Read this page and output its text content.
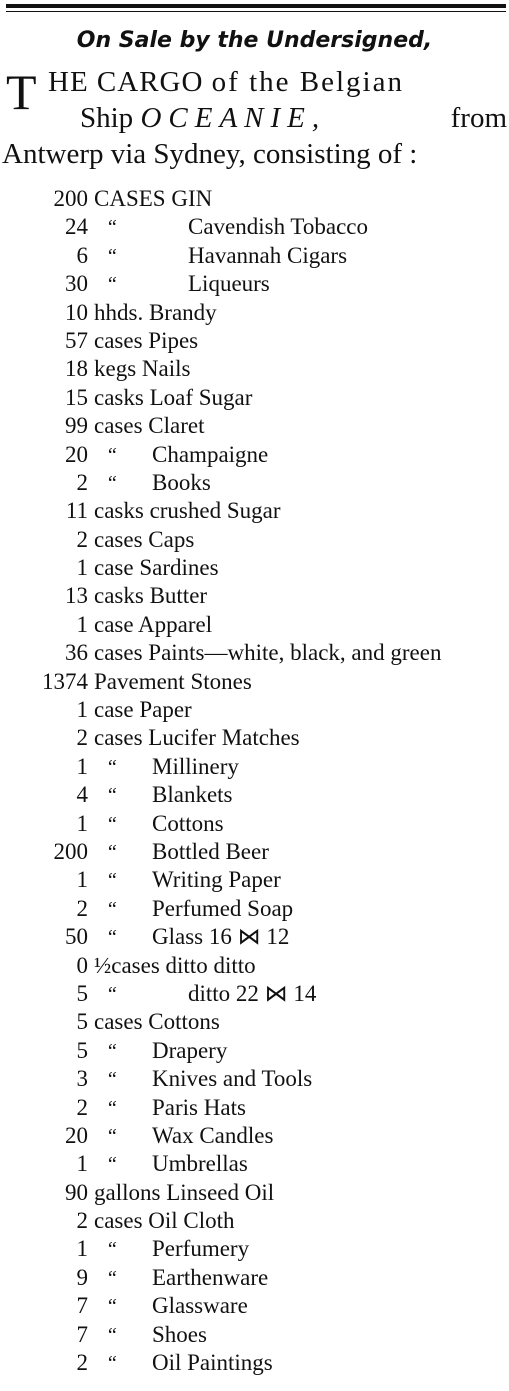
On Sale by the Undersigned,
T HE CARGO of the Belgian
Ship OCEANIE,	from
Antwerp via Sydney, consisting of :
200 CASES GIN
24 “	Cavendish Tobacco
6 “	Havannah Cigars
30 “	Liqueurs
10 hhds. Brandy
57 cases Pipes
18 kegs Nails
15 casks Loaf Sugar
99 cases Claret
20 “ Champaigne
2 “ Books
11 casks crushed Sugar
2 cases Caps
1 case Sardines
13 casks Butter
1 case Apparel
36 cases Paints—white, black, and green
1374 Pavement Stones
1 case Paper
2 cases Lucifer Matches
1 “ Millinery
4 “ Blankets
1 “ Cottons
200 “ Bottled Beer
1 “ Writing Paper
2 “ Perfumed Soap
50 “ Glass 16 ⋈ 12
0 ½cases ditto ditto
5 “	ditto 22 ⋈ 14
5 cases Cottons
5 “ Drapery
3 “ Knives and Tools
2 “ Paris Hats
20 “ Wax Candles
1 “ Umbrellas
90 gallons Linseed Oil
2 cases Oil Cloth
1 “ Perfumery
9 “ Earthenware
7 “ Glassware
7 “ Shoes
2 “ Oil Paintings
